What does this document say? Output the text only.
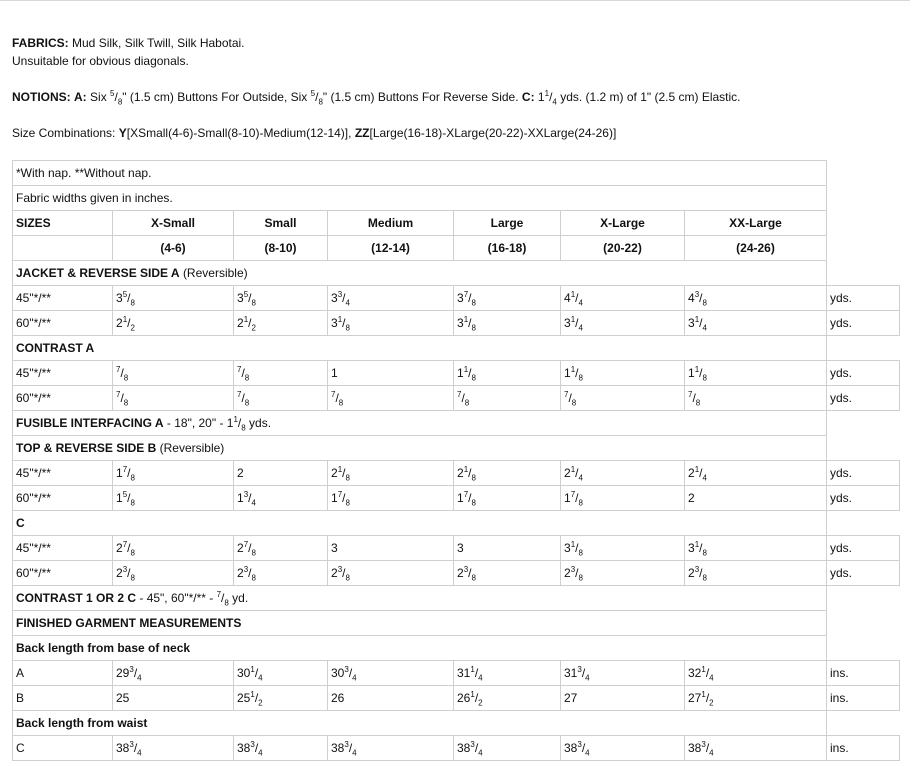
FABRICS: Mud Silk, Silk Twill, Silk Habotai.
Unsuitable for obvious diagonals.
NOTIONS: A: Six $^5/_8$" (1.5 cm) Buttons For Outside, Six $^5/_8$" (1.5 cm) Buttons For Reverse Side. C: $1^1/_4$ yds. (1.2 m) of 1" (2.5 cm) Elastic.
Size Combinations: Y[XSmall(4-6)-Small(8-10)-Medium(12-14)], ZZ[Large(16-18)-XLarge(20-22)-XXLarge(24-26)]
*With nap. **Without nap.							
Fabric widths given in inches.							
SIZES	X-Small	Small	Medium	Large	X-Large	XX-Large	
	(4-6)	(8-10)	(12-14)	(16-18)	(20-22)	(24-26)	
JACKET & REVERSE SIDE A (Reversible)							
45"*/**	$3^5/_8$	$3^5/_8$	$3^3/_4$	$3^7/_8$	$4^1/_4$	$4^3/_8$	yds.
60"*/**	$2^1/_2$	$2^1/_2$	$3^1/_8$	$3^1/_8$	$3^1/_4$	$3^1/_4$	yds.
CONTRAST A							
45"*/**	$^7/_8$	$^7/_8$	1	$1^1/_8$	$1^1/_8$	$1^1/_8$	yds.
60"*/**	$^7/_8$	$^7/_8$	$^7/_8$	$^7/_8$	$^7/_8$	$^7/_8$	yds.
FUSIBLE INTERFACING A - 18", 20" - $1^1/_8$ yds.							
TOP & REVERSE SIDE B (Reversible)							
45"*/**	$1^7/_8$	2	$2^1/_8$	$2^1/_8$	$2^1/_4$	$2^1/_4$	yds.
60"*/**	$1^5/_8$	$1^3/_4$	$1^7/_8$	$1^7/_8$	$1^7/_8$	2	yds.
C							
45"*/**	$2^7/_8$	$2^7/_8$	3	3	$3^1/_8$	$3^1/_8$	yds.
60"*/**	$2^3/_8$	$2^3/_8$	$2^3/_8$	$2^3/_8$	$2^3/_8$	$2^3/_8$	yds.
CONTRAST 1 OR 2 C - 45", 60"*/** - $^7/_8$ yd.							
FINISHED GARMENT MEASUREMENTS							
Back length from base of neck							
A	$29^3/_4$	$30^1/_4$	$30^3/_4$	$31^1/_4$	$31^3/_4$	$32^1/_4$	ins.
B	25	$25^1/_2$	26	$26^1/_2$	27	$27^1/_2$	ins.
Back length from waist							
C	$38^3/_4$	$38^3/_4$	$38^3/_4$	$38^3/_4$	$38^3/_4$	$38^3/_4$	ins.
